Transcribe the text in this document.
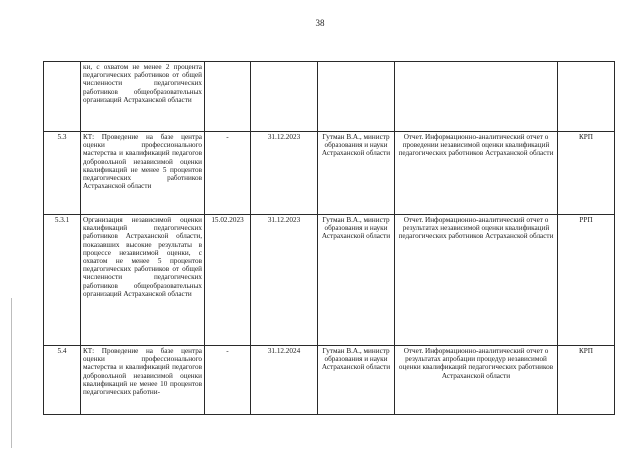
38
	ки, с охватом не менее 2 процента педагогических работников от общей численности педагогических работников общеобразовательных организаций Астраханской области					
5.3	КТ: Проведение на базе центра оценки профессионального мастерства и квалификаций педагогов добровольной независимой оценки квалификаций не менее 5 процентов педагогических работников Астраханской области	-	31.12.2023	Гутман В.А., министр образования и науки Астраханской области	Отчет. Информационно-аналитический отчет о проведении независимой оценки квалификаций педагогических работников Астраханской области	КРП
5.3.1	Организация независимой оценки квалификаций педагогических работников Астраханской области, показавших высокие результаты в процессе независимой оценки, с охватом не менее 5 процентов педагогических работников от общей численности педагогических работников общеобразовательных организаций Астраханской области	15.02.2023	31.12.2023	Гутман В.А., министр образования и науки Астраханской области	Отчет. Информационно-аналитический отчет о результатах независимой оценки квалификаций педагогических работников Астраханской области	РРП
5.4	КТ: Проведение на базе центра оценки профессионального мастерства и квалификаций педагогов добровольной независимой оценки квалификаций не менее 10 процентов педагогических работни-	-	31.12.2024	Гутман В.А., министр образования и науки Астраханской области	Отчет. Информационно-аналитический отчет о результатах апробации процедур независимой оценки квалификаций педагогических работников Астраханской области	КРП
